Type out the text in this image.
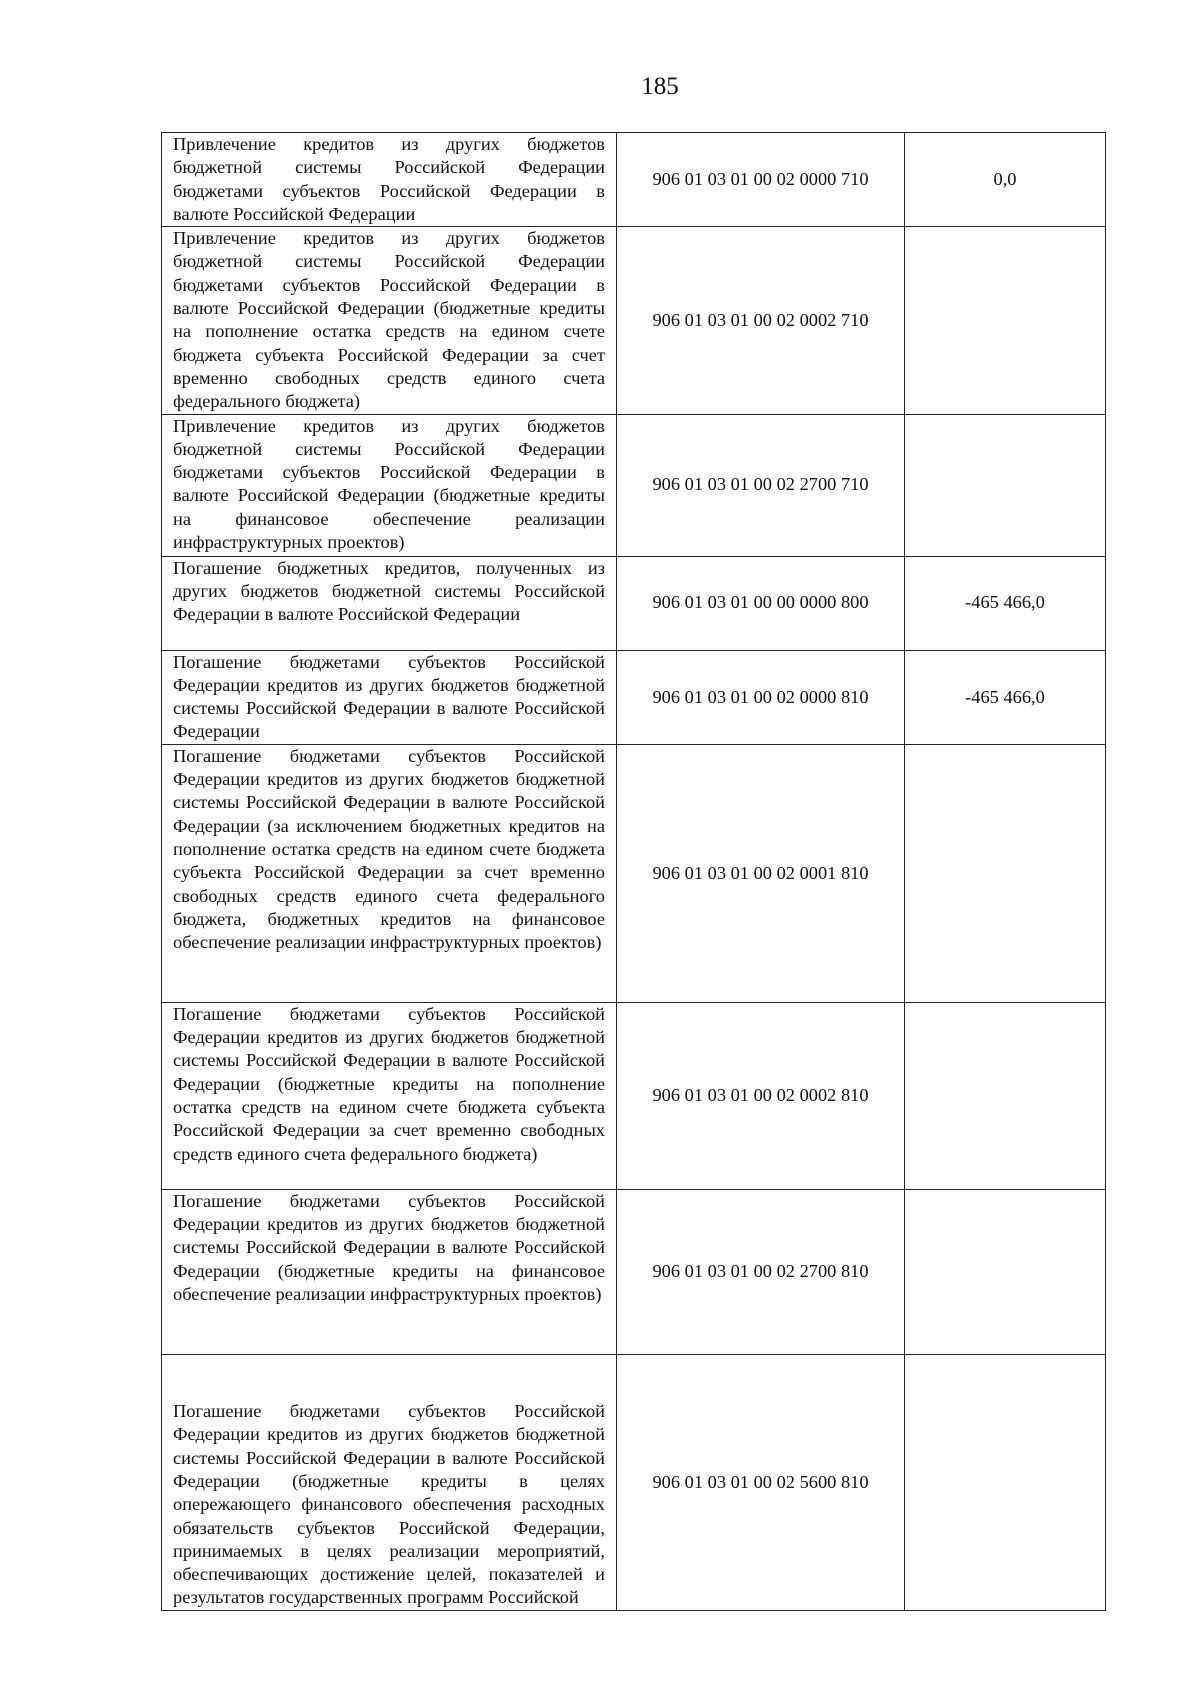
185
Привлечение кредитов из других бюджетов бюджетной системы Российской Федерации бюджетами субъектов Российской Федерации в валюте Российской Федерации	906 01 03 01 00 02 0000 710	0,0
Привлечение кредитов из других бюджетов бюджетной системы Российской Федерации бюджетами субъектов Российской Федерации в валюте Российской Федерации (бюджетные кредиты на пополнение остатка средств на едином счете бюджета субъекта Российской Федерации за счет временно свободных средств единого счета федерального бюджета)	906 01 03 01 00 02 0002 710	
Привлечение кредитов из других бюджетов бюджетной системы Российской Федерации бюджетами субъектов Российской Федерации в валюте Российской Федерации (бюджетные кредиты на финансовое обеспечение реализации инфраструктурных проектов)	906 01 03 01 00 02 2700 710	
Погашение бюджетных кредитов, полученных из других бюджетов бюджетной системы Российской Федерации в валюте Российской Федерации	906 01 03 01 00 00 0000 800	-465 466,0
Погашение бюджетами субъектов Российской Федерации кредитов из других бюджетов бюджетной системы Российской Федерации в валюте Российской Федерации	906 01 03 01 00 02 0000 810	-465 466,0
Погашение бюджетами субъектов Российской Федерации кредитов из других бюджетов бюджетной системы Российской Федерации в валюте Российской Федерации (за исключением бюджетных кредитов на пополнение остатка средств на едином счете бюджета субъекта Российской Федерации за счет временно свободных средств единого счета федерального бюджета, бюджетных кредитов на финансовое обеспечение реализации инфраструктурных проектов)	906 01 03 01 00 02 0001 810	
Погашение бюджетами субъектов Российской Федерации кредитов из других бюджетов бюджетной системы Российской Федерации в валюте Российской Федерации (бюджетные кредиты на пополнение остатка средств на едином счете бюджета субъекта Российской Федерации за счет временно свободных средств единого счета федерального бюджета)	906 01 03 01 00 02 0002 810	
Погашение бюджетами субъектов Российской Федерации кредитов из других бюджетов бюджетной системы Российской Федерации в валюте Российской Федерации (бюджетные кредиты на финансовое обеспечение реализации инфраструктурных проектов)	906 01 03 01 00 02 2700 810	
Погашение бюджетами субъектов Российской Федерации кредитов из других бюджетов бюджетной системы Российской Федерации в валюте Российской Федерации (бюджетные кредиты в целях опережающего финансового обеспечения расходных обязательств субъектов Российской Федерации, принимаемых в целях реализации мероприятий, обеспечивающих достижение целей, показателей и результатов государственных программ Российской	906 01 03 01 00 02 5600 810	
